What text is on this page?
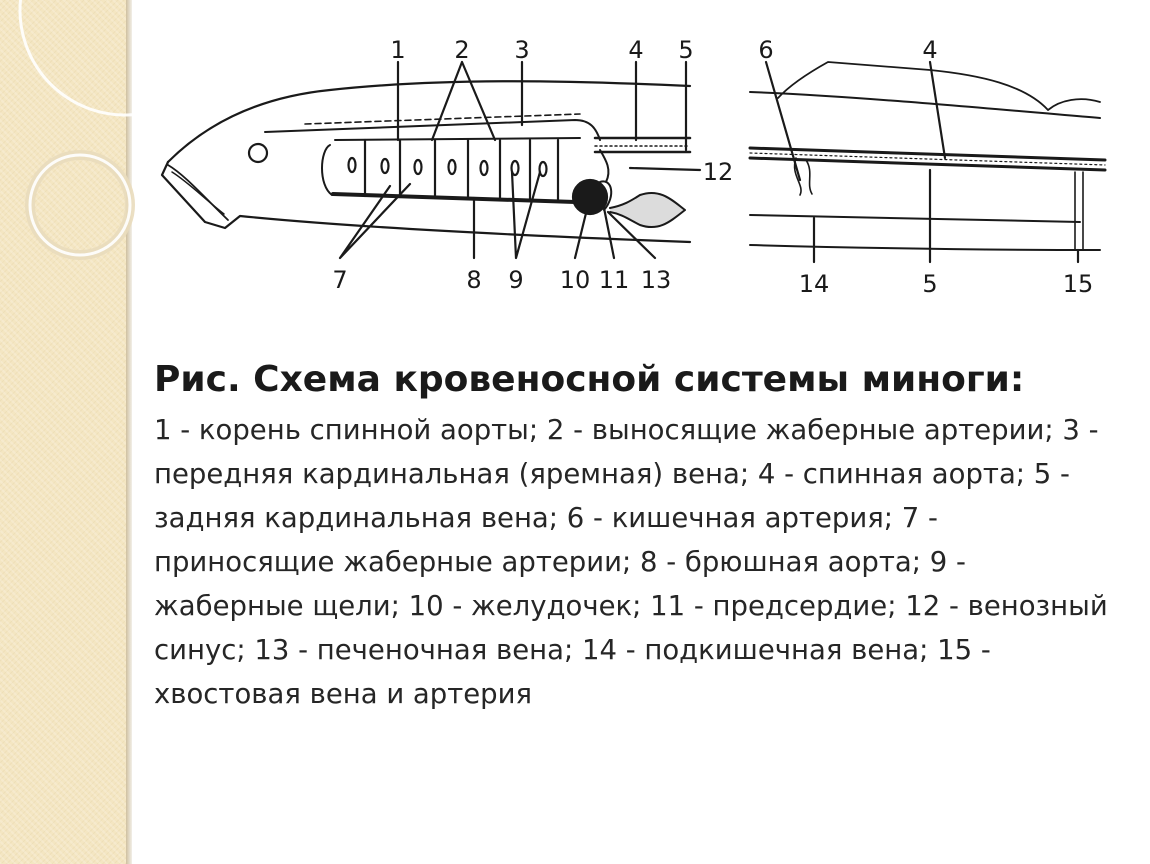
1 2 3	4 5	6	4
12
7	8 9 10 11 13	14	5	15

Рис. Схема кровеносной системы миноги:

1 - корень спинной аорты; 2 - выносящие жаберные артерии; 3 - передняя кардинальная (яремная) вена; 4 - спинная аорта; 5 - задняя кардинальная вена; 6 - кишечная артерия; 7 - приносящие жаберные артерии; 8 - брюшная аорта; 9 - жаберные щели; 10 - желудочек; 11 - предсердие; 12 - венозный синус; 13 - печеночная вена; 14 - подкишечная вена; 15 - хвостовая вена и артерия
